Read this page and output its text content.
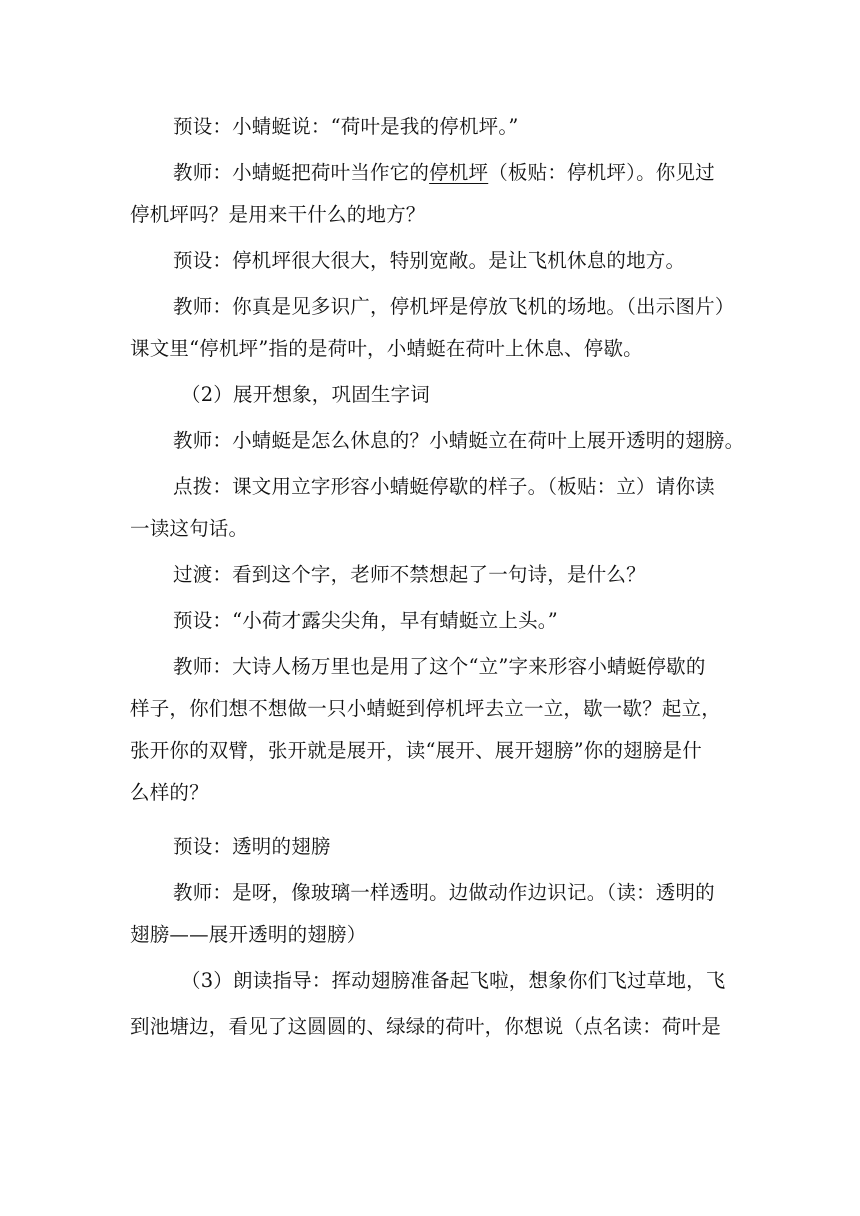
预设：小蜻蜓说：“荷叶是我的停机坪。”
教师：小蜻蜓把荷叶当作它的停机坪（板贴：停机坪）。你见过
停机坪吗？是用来干什么的地方？
预设：停机坪很大很大，特别宽敞。是让飞机休息的地方。
教师：你真是见多识广，停机坪是停放飞机的场地。（出示图片）
课文里“停机坪”指的是荷叶，小蜻蜓在荷叶上休息、停歇。
（2）展开想象，巩固生字词
教师：小蜻蜓是怎么休息的？小蜻蜓立在荷叶上展开透明的翅膀。
点拨：课文用立字形容小蜻蜓停歇的样子。（板贴：立）请你读
一读这句话。
过渡：看到这个字，老师不禁想起了一句诗，是什么？
预设：“小荷才露尖尖角，早有蜻蜓立上头。”
教师：大诗人杨万里也是用了这个“立”字来形容小蜻蜓停歇的
样子，你们想不想做一只小蜻蜓到停机坪去立一立，歇一歇？起立，
张开你的双臂，张开就是展开，读“展开、展开翅膀”你的翅膀是什
么样的？
预设：透明的翅膀
教师：是呀，像玻璃一样透明。边做动作边识记。（读：透明的
翅膀——展开透明的翅膀）
（3）朗读指导：挥动翅膀准备起飞啦，想象你们飞过草地，飞
到池塘边，看见了这圆圆的、绿绿的荷叶，你想说（点名读：荷叶是
